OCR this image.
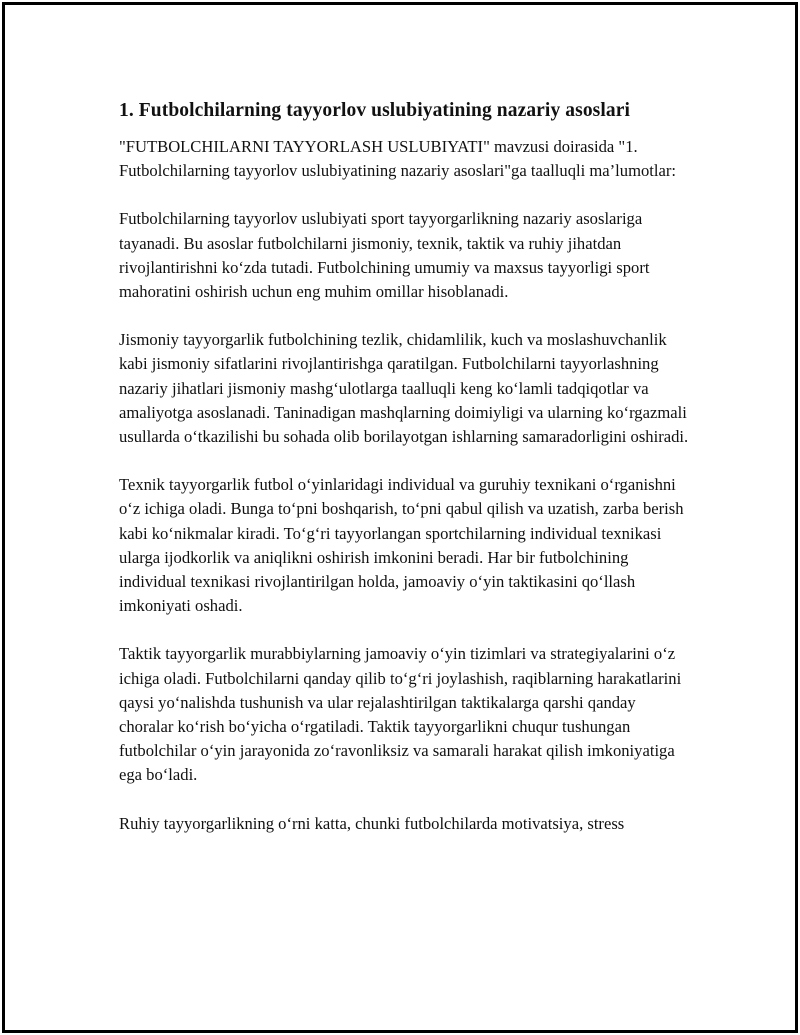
1. Futbolchilarning tayyorlov uslubiyatining nazariy asoslari

"FUTBOLCHILARNI TAYYORLASH USLUBIYATI" mavzusi doirasida "1. Futbolchilarning tayyorlov uslubiyatining nazariy asoslari"ga taalluqli ma’lumotlar:

Futbolchilarning tayyorlov uslubiyati sport tayyorgarlikning nazariy asoslariga tayanadi. Bu asoslar futbolchilarni jismoniy, texnik, taktik va ruhiy jihatdan rivojlantirishni ko‘zda tutadi. Futbolchining umumiy va maxsus tayyorligi sport mahoratini oshirish uchun eng muhim omillar hisoblanadi.

Jismoniy tayyorgarlik futbolchining tezlik, chidamlilik, kuch va moslashuvchanlik kabi jismoniy sifatlarini rivojlantirishga qaratilgan. Futbolchilarni tayyorlashning nazariy jihatlari jismoniy mashg‘ulotlarga taalluqli keng ko‘lamli tadqiqotlar va amaliyotga asoslanadi. Taninadigan mashqlarning doimiyligi va ularning ko‘rgazmali usullarda o‘tkazilishi bu sohada olib borilayotgan ishlarning samaradorligini oshiradi.

Texnik tayyorgarlik futbol o‘yinlaridagi individual va guruhiy texnikani o‘rganishni o‘z ichiga oladi. Bunga to‘pni boshqarish, to‘pni qabul qilish va uzatish, zarba berish kabi ko‘nikmalar kiradi. To‘g‘ri tayyorlangan sportchilarning individual texnikasi ularga ijodkorlik va aniqlikni oshirish imkonini beradi. Har bir futbolchining individual texnikasi rivojlantirilgan holda, jamoaviy o‘yin taktikasini qo‘llash imkoniyati oshadi.

Taktik tayyorgarlik murabbiylarning jamoaviy o‘yin tizimlari va strategiyalarini o‘z ichiga oladi. Futbolchilarni qanday qilib to‘g‘ri joylashish, raqiblarning harakatlarini qaysi yo‘nalishda tushunish va ular rejalashtirilgan taktikalarga qarshi qanday choralar ko‘rish bo‘yicha o‘rgatiladi. Taktik tayyorgarlikni chuqur tushungan futbolchilar o‘yin jarayonida zo‘ravonliksiz va samarali harakat qilish imkoniyatiga ega bo‘ladi.

Ruhiy tayyorgarlikning o‘rni katta, chunki futbolchilarda motivatsiya, stress
